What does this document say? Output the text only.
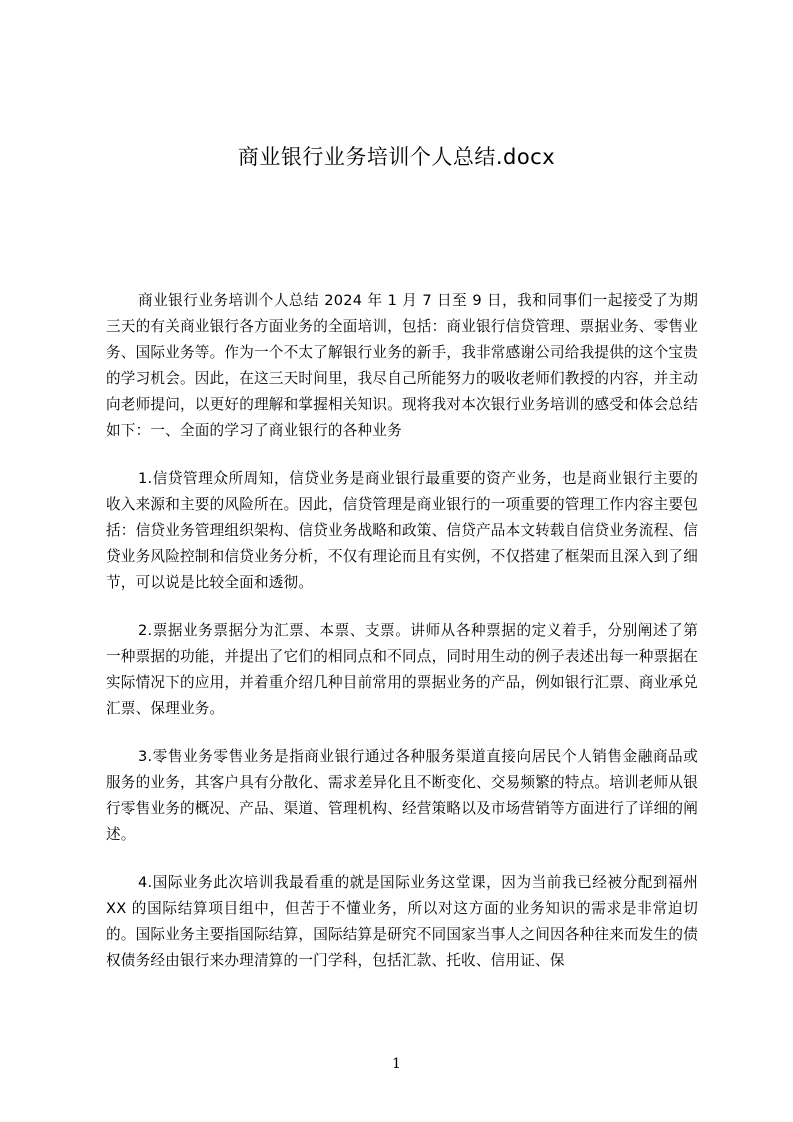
商业银行业务培训个人总结.docx

商业银行业务培训个人总结 2024 年 1 月 7 日至 9 日，我和同事们一起接受了为期三天的有关商业银行各方面业务的全面培训，包括：商业银行信贷管理、票据业务、零售业务、国际业务等。作为一个不太了解银行业务的新手，我非常感谢公司给我提供的这个宝贵的学习机会。因此，在这三天时间里，我尽自己所能努力的吸收老师们教授的内容，并主动向老师提问，以更好的理解和掌握相关知识。现将我对本次银行业务培训的感受和体会总结如下：一、全面的学习了商业银行的各种业务

1.信贷管理众所周知，信贷业务是商业银行最重要的资产业务，也是商业银行主要的收入来源和主要的风险所在。因此，信贷管理是商业银行的一项重要的管理工作内容主要包括：信贷业务管理组织架构、信贷业务战略和政策、信贷产品本文转载自信贷业务流程、信贷业务风险控制和信贷业务分析，不仅有理论而且有实例，不仅搭建了框架而且深入到了细节，可以说是比较全面和透彻。

2.票据业务票据分为汇票、本票、支票。讲师从各种票据的定义着手，分别阐述了第一种票据的功能，并提出了它们的相同点和不同点，同时用生动的例子表述出每一种票据在实际情况下的应用，并着重介绍几种目前常用的票据业务的产品，例如银行汇票、商业承兑汇票、保理业务。

3.零售业务零售业务是指商业银行通过各种服务渠道直接向居民个人销售金融商品或服务的业务，其客户具有分散化、需求差异化且不断变化、交易频繁的特点。培训老师从银行零售业务的概况、产品、渠道、管理机构、经营策略以及市场营销等方面进行了详细的阐述。

4.国际业务此次培训我最看重的就是国际业务这堂课，因为当前我已经被分配到福州 XX 的国际结算项目组中，但苦于不懂业务，所以对这方面的业务知识的需求是非常迫切的。国际业务主要指国际结算，国际结算是研究不同国家当事人之间因各种往来而发生的债权债务经由银行来办理清算的一门学科，包括汇款、托收、信用证、保

1
